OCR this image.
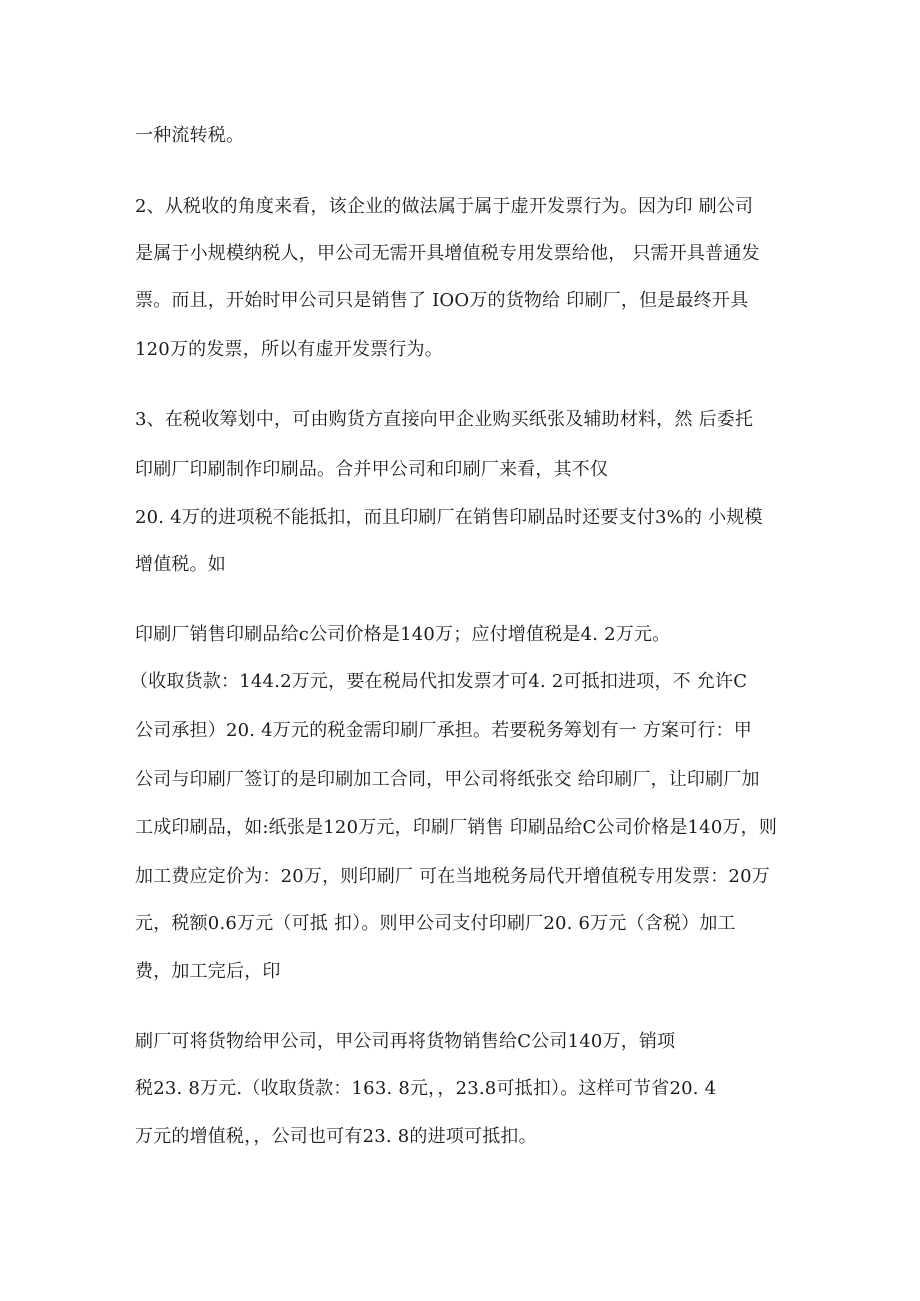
一种流转税。
2、从税收的角度来看，该企业的做法属于属于虚开发票行为。因为印 刷公司
是属于小规模纳税人，甲公司无需开具增值税专用发票给他， 只需开具普通发
票。而且，开始时甲公司只是销售了 IOO万的货物给 印刷厂，但是最终开具
120万的发票，所以有虚开发票行为。
3、在税收筹划中，可由购货方直接向甲企业购买纸张及辅助材料，然 后委托
印刷厂印刷制作印刷品。合并甲公司和印刷厂来看，其不仅
20. 4万的进项税不能抵扣，而且印刷厂在销售印刷品时还要支付3%的 小规模
增值税。如
印刷厂销售印刷品给c公司价格是140万；应付增值税是4. 2万元。
（收取货款：144.2万元，要在税局代扣发票才可4. 2可抵扣进项，不 允许C
公司承担）20. 4万元的税金需印刷厂承担。若要税务筹划有一 方案可行：甲
公司与印刷厂签订的是印刷加工合同，甲公司将纸张交 给印刷厂，让印刷厂加
工成印刷品，如:纸张是120万元，印刷厂销售 印刷品给C公司价格是140万，则
加工费应定价为：20万，则印刷厂 可在当地税务局代开增值税专用发票：20万
元，税额0.6万元（可抵 扣）。则甲公司支付印刷厂20. 6万元（含税）加工
费，加工完后，印
刷厂可将货物给甲公司，甲公司再将货物销售给C公司140万，销项
税23. 8万元.（收取货款：163. 8元，，23.8可抵扣）。这样可节省20. 4
万元的增值税，，公司也可有23. 8的进项可抵扣。
